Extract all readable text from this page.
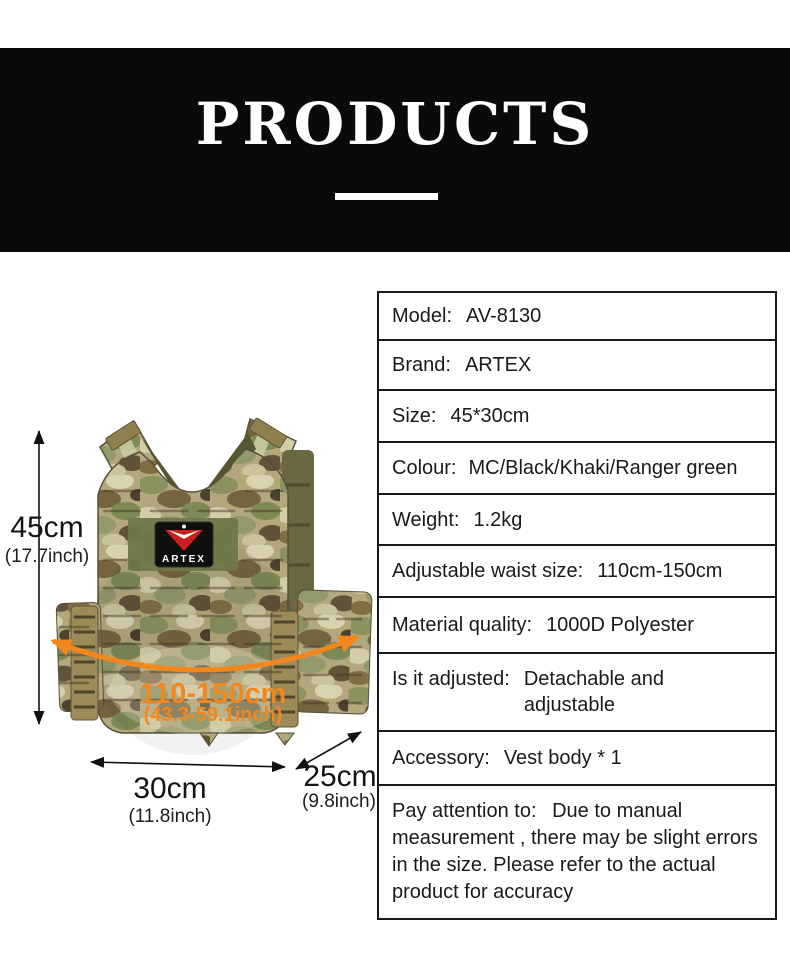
PRODUCTS
ARTEX
45cm
(17.7inch)
30cm
(11.8inch)
25cm
(9.8inch)
110-150cm
(43.3-59.1inch)
Model: AV-8130
Brand: ARTEX
Size: 45*30cm
Colour: MC/Black/Khaki/Ranger green
Weight: 1.2kg
Adjustable waist size: 110cm-150cm
Material quality: 1000D Polyester
Is it adjusted: Detachable and adjustable
Accessory: Vest body * 1
Pay attention to: Due to manual measurement , there may be slight errors in the size. Please refer to the actual product for accuracy
